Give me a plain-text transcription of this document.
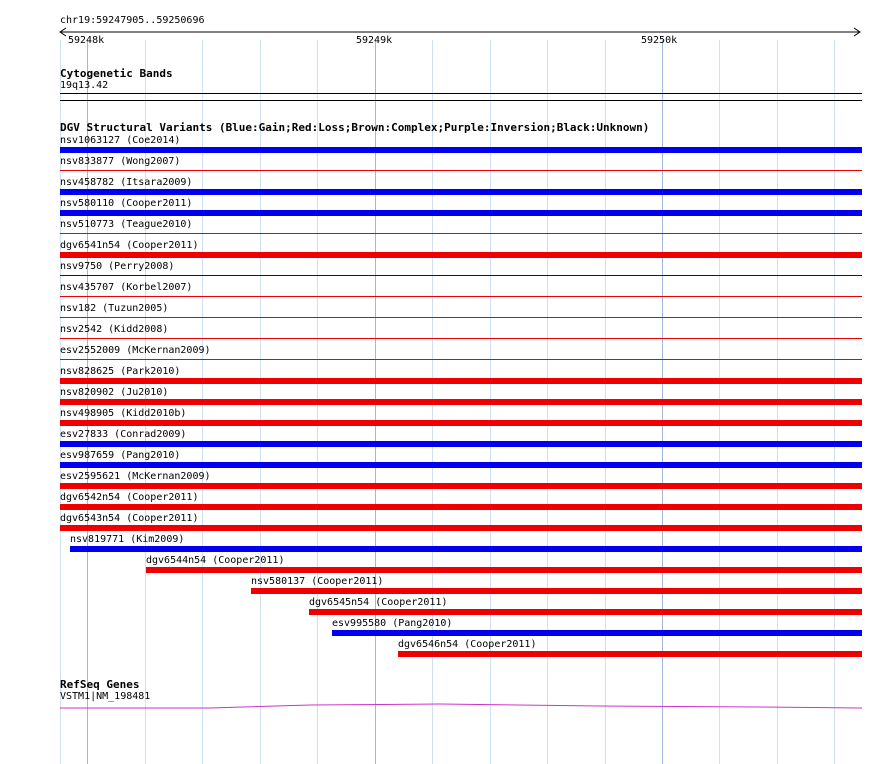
chr19:59247905..59250696
59248k	59249k	59250k
Cytogenetic Bands
19q13.42
DGV Structural Variants (Blue:Gain;Red:Loss;Brown:Complex;Purple:Inversion;Black:Unknown)
nsv1063127 (Coe2014)
nsv833877 (Wong2007)
nsv458782 (Itsara2009)
nsv580110 (Cooper2011)
nsv510773 (Teague2010)
dgv6541n54 (Cooper2011)
nsv9750 (Perry2008)
nsv435707 (Korbel2007)
nsv182 (Tuzun2005)
nsv2542 (Kidd2008)
esv2552009 (McKernan2009)
nsv828625 (Park2010)
nsv820902 (Ju2010)
nsv498905 (Kidd2010b)
esv27833 (Conrad2009)
esv987659 (Pang2010)
esv2595621 (McKernan2009)
dgv6542n54 (Cooper2011)
dgv6543n54 (Cooper2011)
nsv819771 (Kim2009)
dgv6544n54 (Cooper2011)
nsv580137 (Cooper2011)
dgv6545n54 (Cooper2011)
esv995580 (Pang2010)
dgv6546n54 (Cooper2011)
RefSeq Genes
VSTM1|NM_198481
